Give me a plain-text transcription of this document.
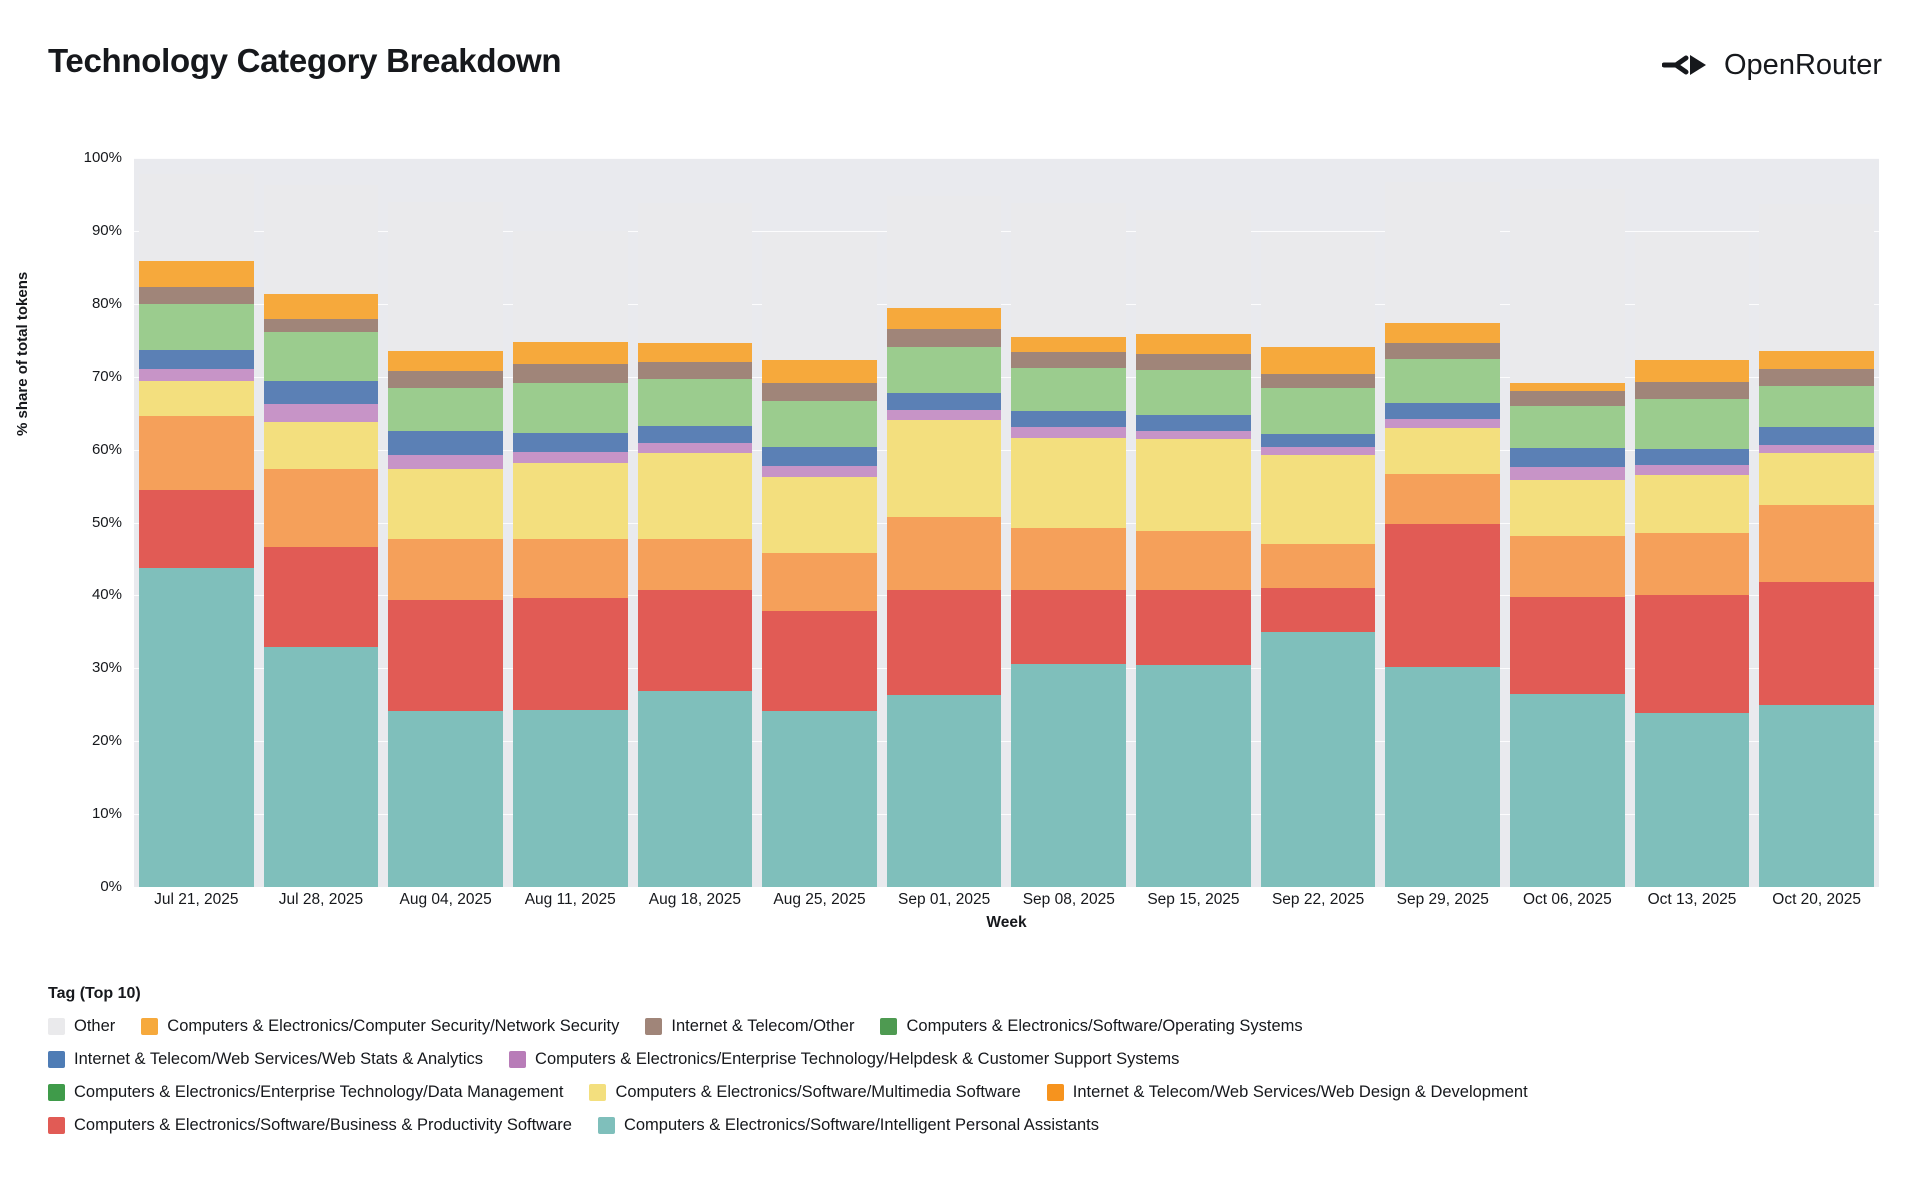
Technology Category Breakdown	OpenRouter
% share of total tokens
0%
10%
20%
30%
40%
50%
60%
70%
80%
90%
100%
Jul 21, 2025	Jul 28, 2025	Aug 04, 2025	Aug 11, 2025	Aug 18, 2025	Aug 25, 2025	Sep 01, 2025	Sep 08, 2025	Sep 15, 2025	Sep 22, 2025	Sep 29, 2025	Oct 06, 2025	Oct 13, 2025	Oct 20, 2025
Week
Tag (Top 10)
Other	Computers & Electronics/Computer Security/Network Security	Internet & Telecom/Other	Computers & Electronics/Software/Operating Systems
Internet & Telecom/Web Services/Web Stats & Analytics	Computers & Electronics/Enterprise Technology/Helpdesk & Customer Support Systems
Computers & Electronics/Enterprise Technology/Data Management	Computers & Electronics/Software/Multimedia Software	Internet & Telecom/Web Services/Web Design & Development
Computers & Electronics/Software/Business & Productivity Software	Computers & Electronics/Software/Intelligent Personal Assistants
